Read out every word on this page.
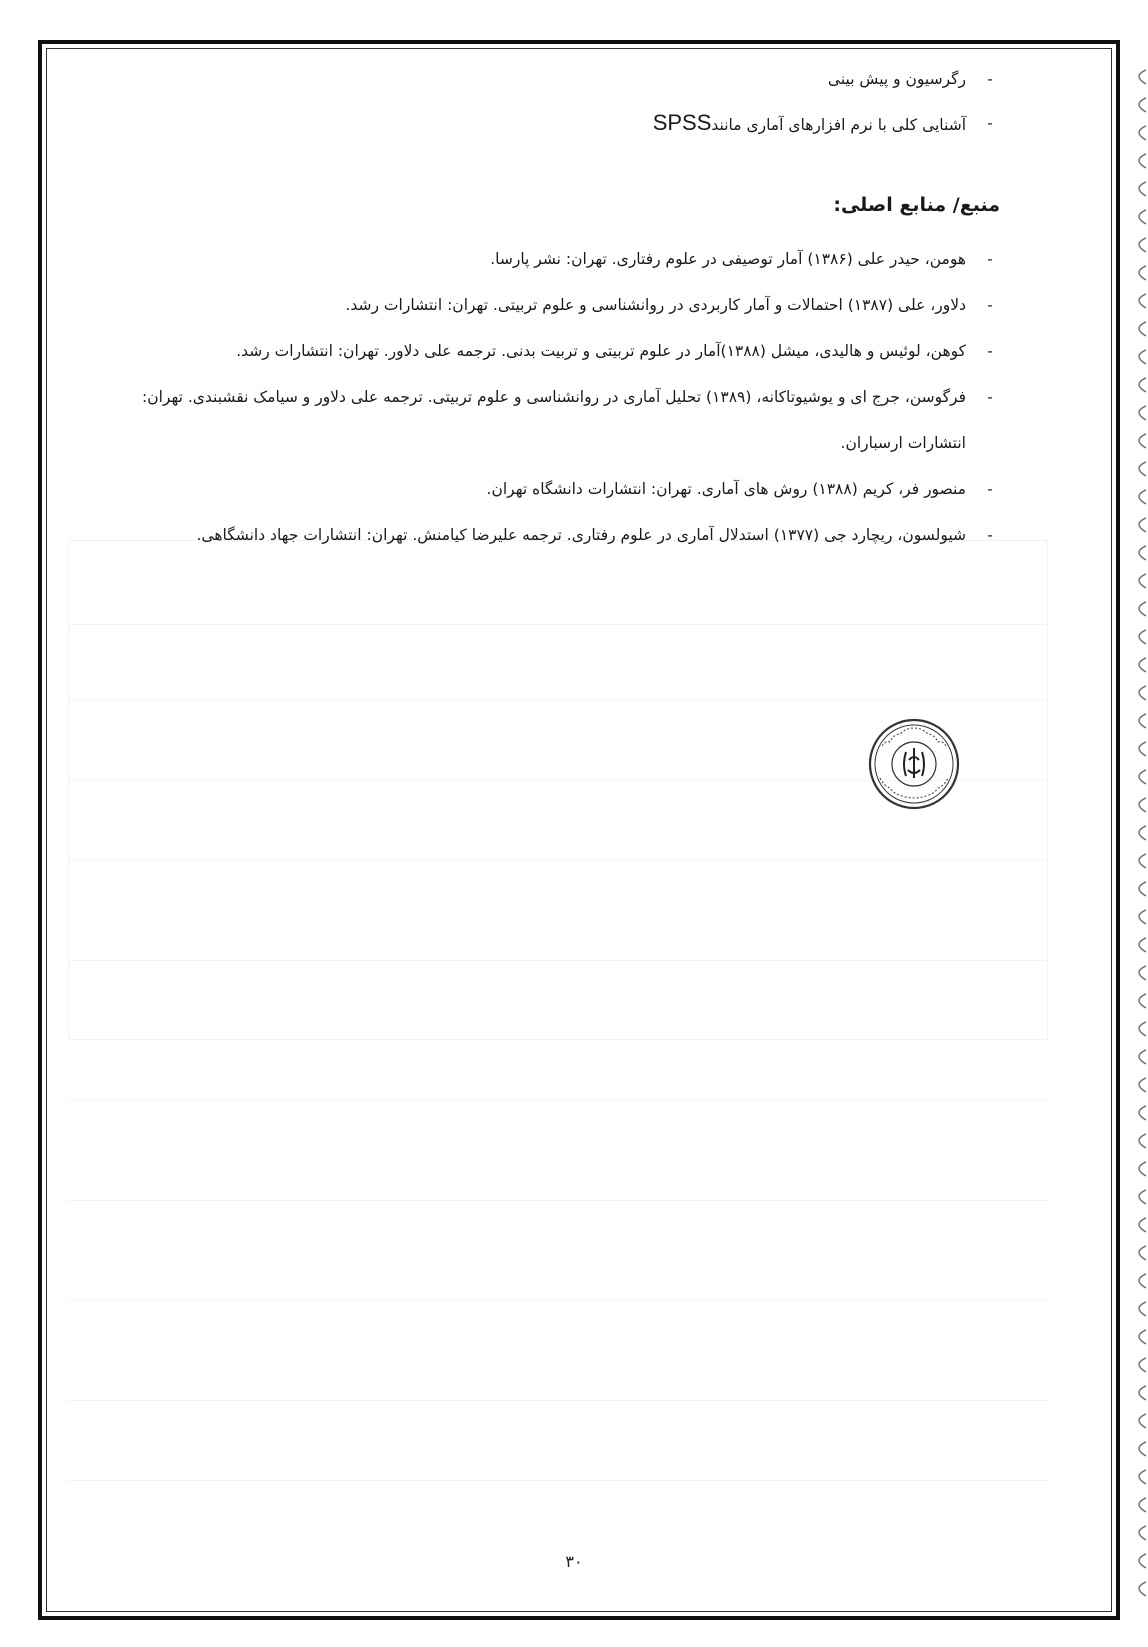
-
رگرسیون و پیش بینی

-
آشنایی کلی با نرم افزارهای آماری مانندSPSS

منبع/ منابع اصلی:

-
هومن، حیدر علی (۱۳۸۶) آمار توصیفی در علوم رفتاری. تهران: نشر پارسا.

-
دلاور، علی (۱۳۸۷) احتمالات و آمار کاربردی در روانشناسی و علوم تربیتی. تهران: انتشارات رشد.

-
کوهن، لوئیس و هالیدی، میشل (۱۳۸۸)آمار در علوم تربیتی و تربیت بدنی. ترجمه علی دلاور. تهران: انتشارات رشد.

-
فرگوسن، جرج ای و یوشیوتاکانه، (۱۳۸۹) تحلیل آماری در روانشناسی و علوم تربیتی. ترجمه علی دلاور و سیامک نقشبندی. تهران: انتشارات ارسباران.

-
منصور فر، کریم (۱۳۸۸) روش های آماری. تهران: انتشارات دانشگاه تهران.

-
شیولسون، ریچارد جی (۱۳۷۷) استدلال آماری در علوم رفتاری. ترجمه علیرضا کیامنش. تهران: انتشارات جهاد دانشگاهی.

۳۰
